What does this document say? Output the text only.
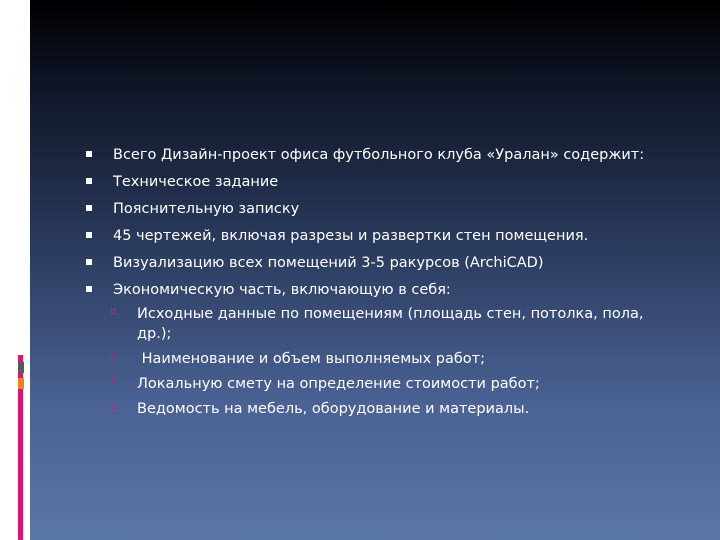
Всего Дизайн-проект офиса футбольного клуба «Уралан» содержит:
Техническое задание
Пояснительную записку
45 чертежей, включая разрезы и развертки стен помещения.
Визуализацию всех помещений 3-5 ракурсов (ArchiCAD)
Экономическую часть, включающую в себя:
Исходные данные по помещениям (площадь стен, потолка, пола, др.);
Наименование и объем выполняемых работ;
Локальную смету на определение стоимости работ;
Ведомость на мебель, оборудование и материалы.
